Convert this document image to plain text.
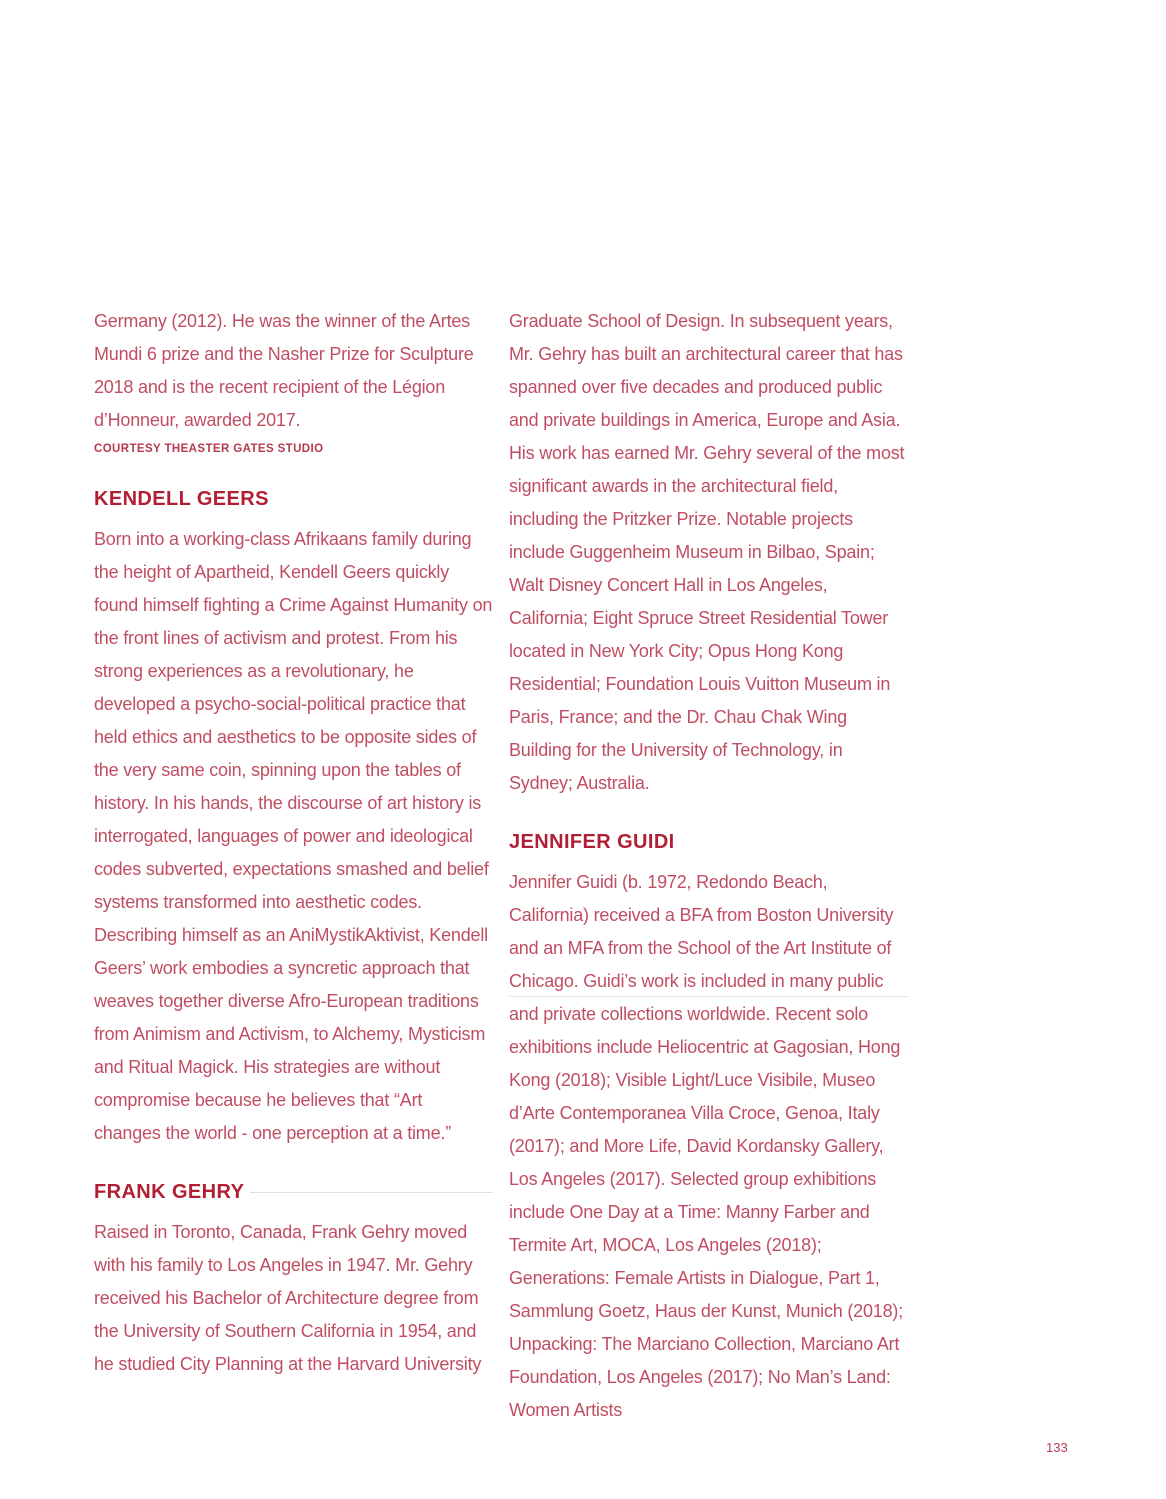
Germany (2012). He was the winner of the Artes Mundi 6 prize and the Nasher Prize for Sculpture 2018 and is the recent recipient of the Légion d’Honneur, awarded 2017.

COURTESY THEASTER GATES STUDIO
KENDELL GEERS

Born into a working-class Afrikaans family during the height of Apartheid, Kendell Geers quickly found himself fighting a Crime Against Humanity on the front lines of activism and protest. From his strong experiences as a revolutionary, he developed a psycho-social-political practice that held ethics and aesthetics to be opposite sides of the very same coin, spinning upon the tables of history. In his hands, the discourse of art history is interrogated, languages of power and ideological codes subverted, expectations smashed and belief systems transformed into aesthetic codes. Describing himself as an AniMystikAktivist, Kendell Geers’ work embodies a syncretic approach that weaves together diverse Afro-European traditions from Animism and Activism, to Alchemy, Mysticism and Ritual Magick. His strategies are without compromise because he believes that “Art changes the world - one perception at a time.”

FRANK GEHRY

Raised in Toronto, Canada, Frank Gehry moved with his family to Los Angeles in 1947. Mr. Gehry received his Bachelor of Architecture degree from the University of Southern California in 1954, and he studied City Planning at the Harvard University

Graduate School of Design. In subsequent years, Mr. Gehry has built an architectural career that has spanned over five decades and produced public and private buildings in America, Europe and Asia. His work has earned Mr. Gehry several of the most significant awards in the architectural field, including the Pritzker Prize. Notable projects include Guggenheim Museum in Bilbao, Spain; Walt Disney Concert Hall in Los Angeles, California; Eight Spruce Street Residential Tower located in New York City; Opus Hong Kong Residential; Foundation Louis Vuitton Museum in Paris, France; and the Dr. Chau Chak Wing Building for the University of Technology, in Sydney; Australia.

JENNIFER GUIDI

Jennifer Guidi (b. 1972, Redondo Beach, California) received a BFA from Boston University and an MFA from the School of the Art Institute of Chicago. Guidi’s work is included in many public and private collections worldwide. Recent solo exhibitions include Heliocentric at Gagosian, Hong Kong (2018); Visible Light/Luce Visibile, Museo d’Arte Contemporanea Villa Croce, Genoa, Italy (2017); and More Life, David Kordansky Gallery, Los Angeles (2017). Selected group exhibitions include One Day at a Time: Manny Farber and Termite Art, MOCA, Los Angeles (2018); Generations: Female Artists in Dialogue, Part 1, Sammlung Goetz, Haus der Kunst, Munich (2018); Unpacking: The Marciano Collection, Marciano Art Foundation, Los Angeles (2017); No Man’s Land: Women Artists

133
